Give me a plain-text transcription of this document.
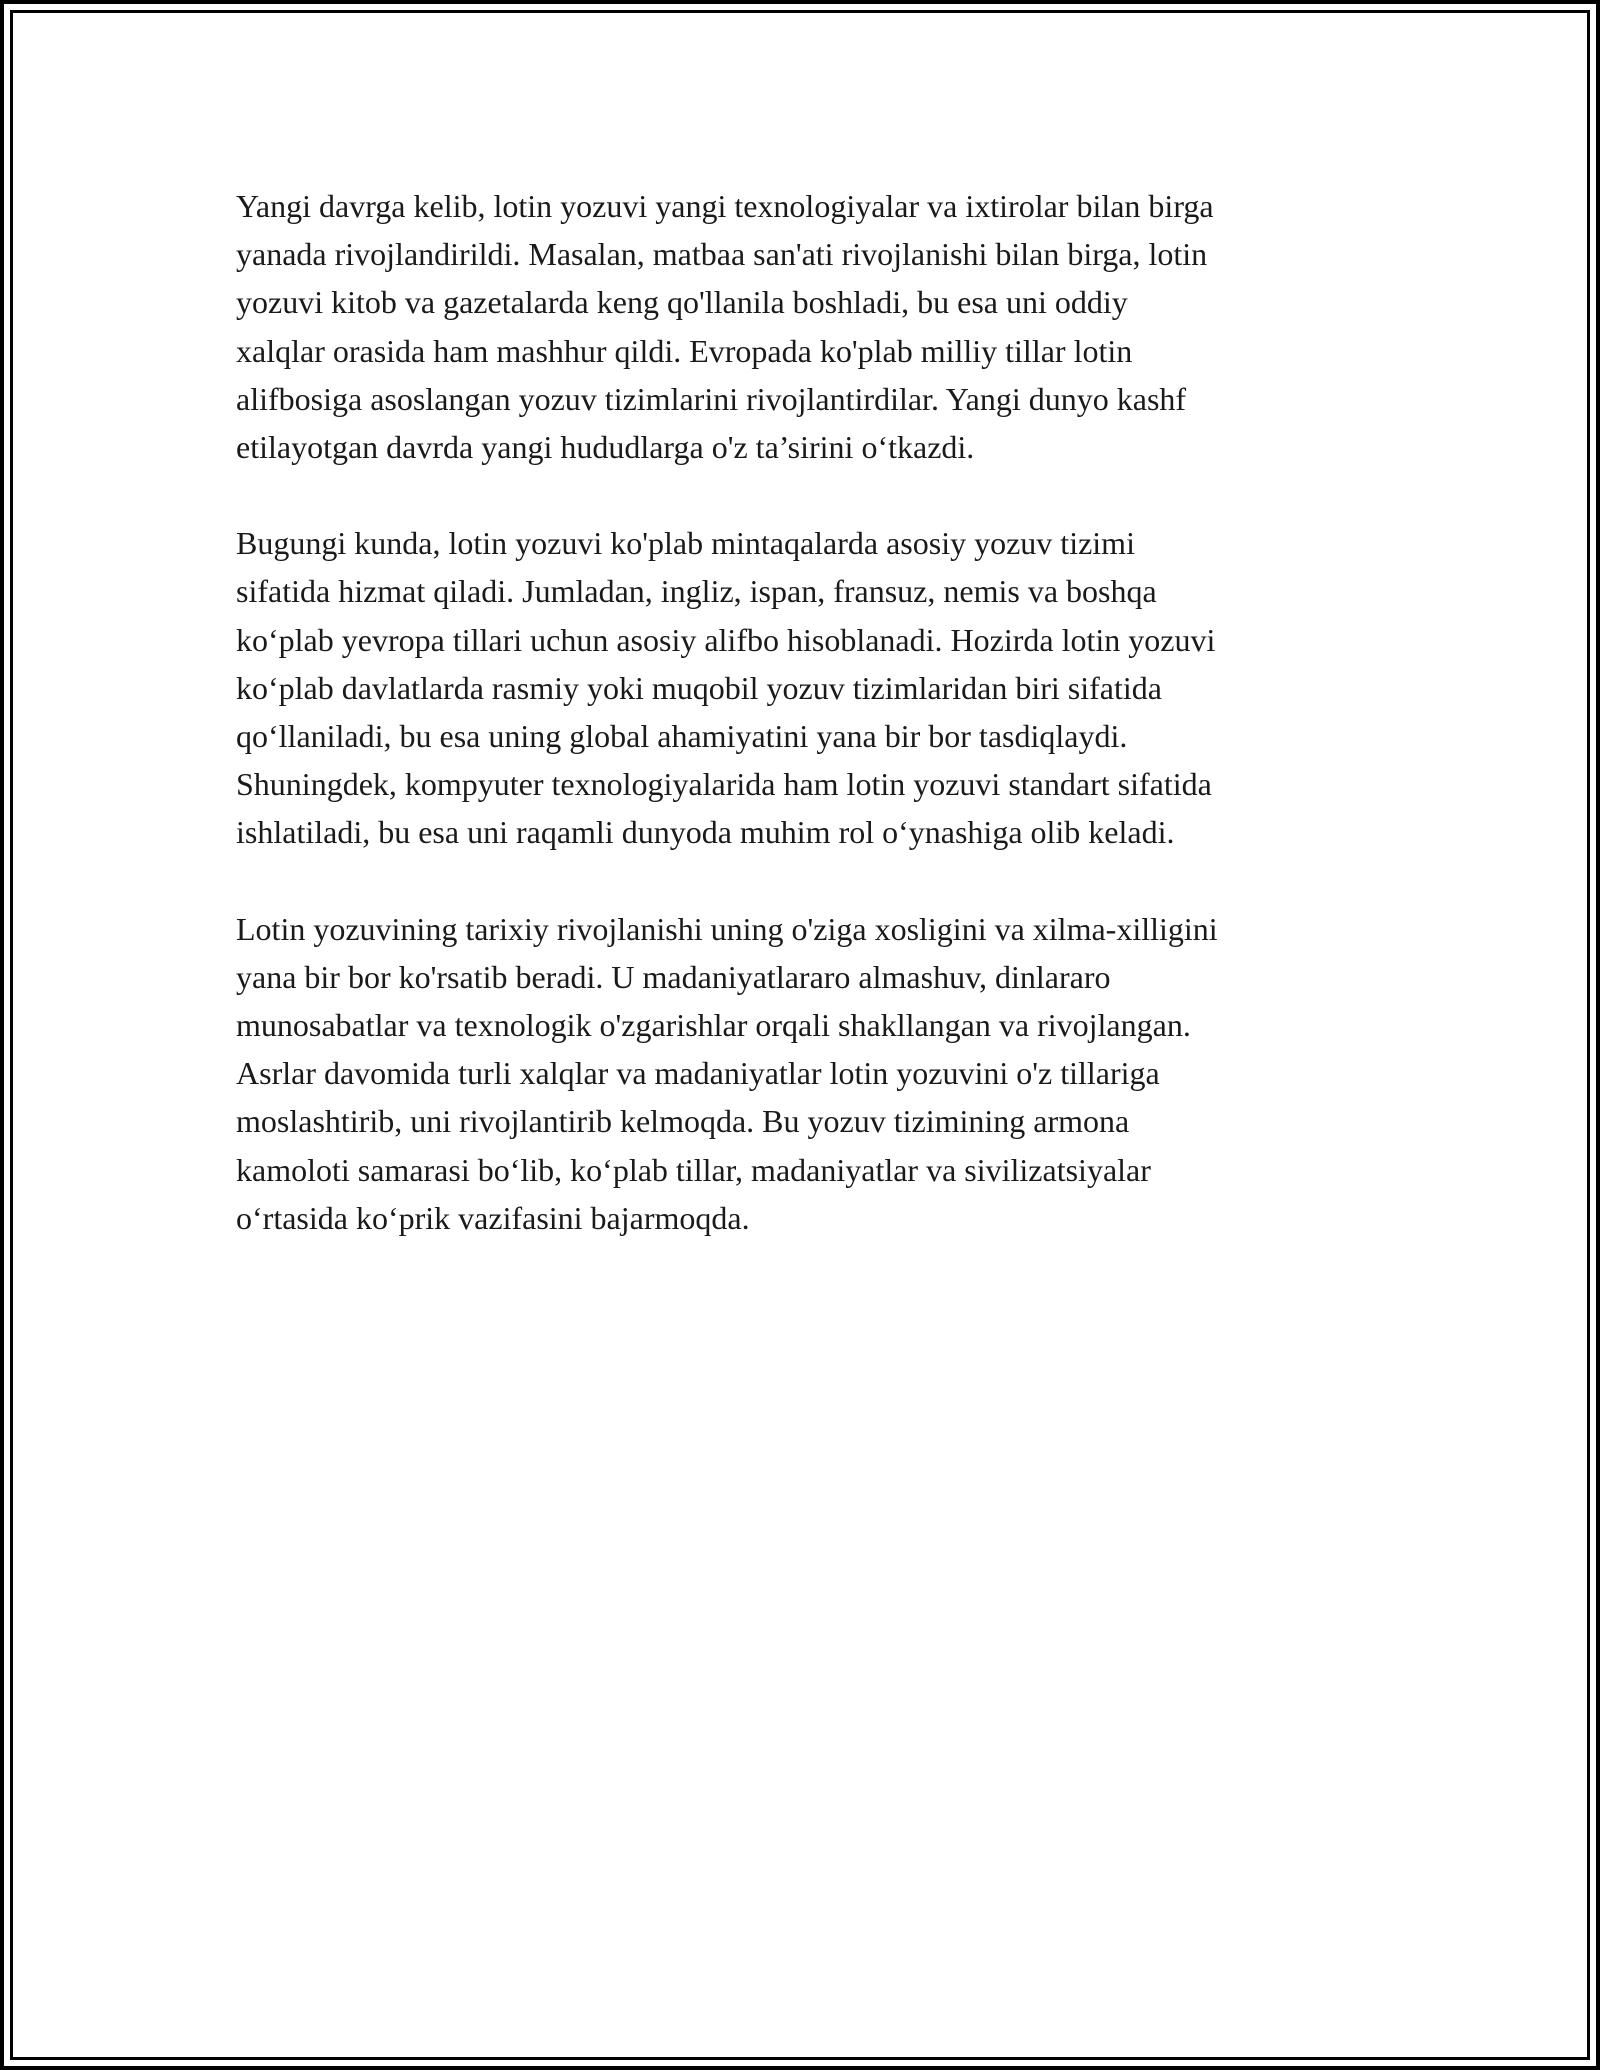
Yangi davrga kelib, lotin yozuvi yangi texnologiyalar va ixtirolar bilan birga
yanada rivojlandirildi. Masalan, matbaa san'ati rivojlanishi bilan birga, lotin
yozuvi kitob va gazetalarda keng qo'llanila boshladi, bu esa uni oddiy
xalqlar orasida ham mashhur qildi. Evropada ko'plab milliy tillar lotin
alifbosiga asoslangan yozuv tizimlarini rivojlantirdilar. Yangi dunyo kashf
etilayotgan davrda yangi hududlarga o'z ta’sirini oʻtkazdi.

Bugungi kunda, lotin yozuvi ko'plab mintaqalarda asosiy yozuv tizimi
sifatida hizmat qiladi. Jumladan, ingliz, ispan, fransuz, nemis va boshqa
koʻplab yevropa tillari uchun asosiy alifbo hisoblanadi. Hozirda lotin yozuvi
koʻplab davlatlarda rasmiy yoki muqobil yozuv tizimlaridan biri sifatida
qoʻllaniladi, bu esa uning global ahamiyatini yana bir bor tasdiqlaydi.
Shuningdek, kompyuter texnologiyalarida ham lotin yozuvi standart sifatida
ishlatiladi, bu esa uni raqamli dunyoda muhim rol oʻynashiga olib keladi.

Lotin yozuvining tarixiy rivojlanishi uning o'ziga xosligini va xilma-xilligini
yana bir bor ko'rsatib beradi. U madaniyatlararo almashuv, dinlararo
munosabatlar va texnologik o'zgarishlar orqali shakllangan va rivojlangan.
Asrlar davomida turli xalqlar va madaniyatlar lotin yozuvini o'z tillariga
moslashtirib, uni rivojlantirib kelmoqda. Bu yozuv tizimining armona
kamoloti samarasi boʻlib, koʻplab tillar, madaniyatlar va sivilizatsiyalar
oʻrtasida koʻprik vazifasini bajarmoqda.
